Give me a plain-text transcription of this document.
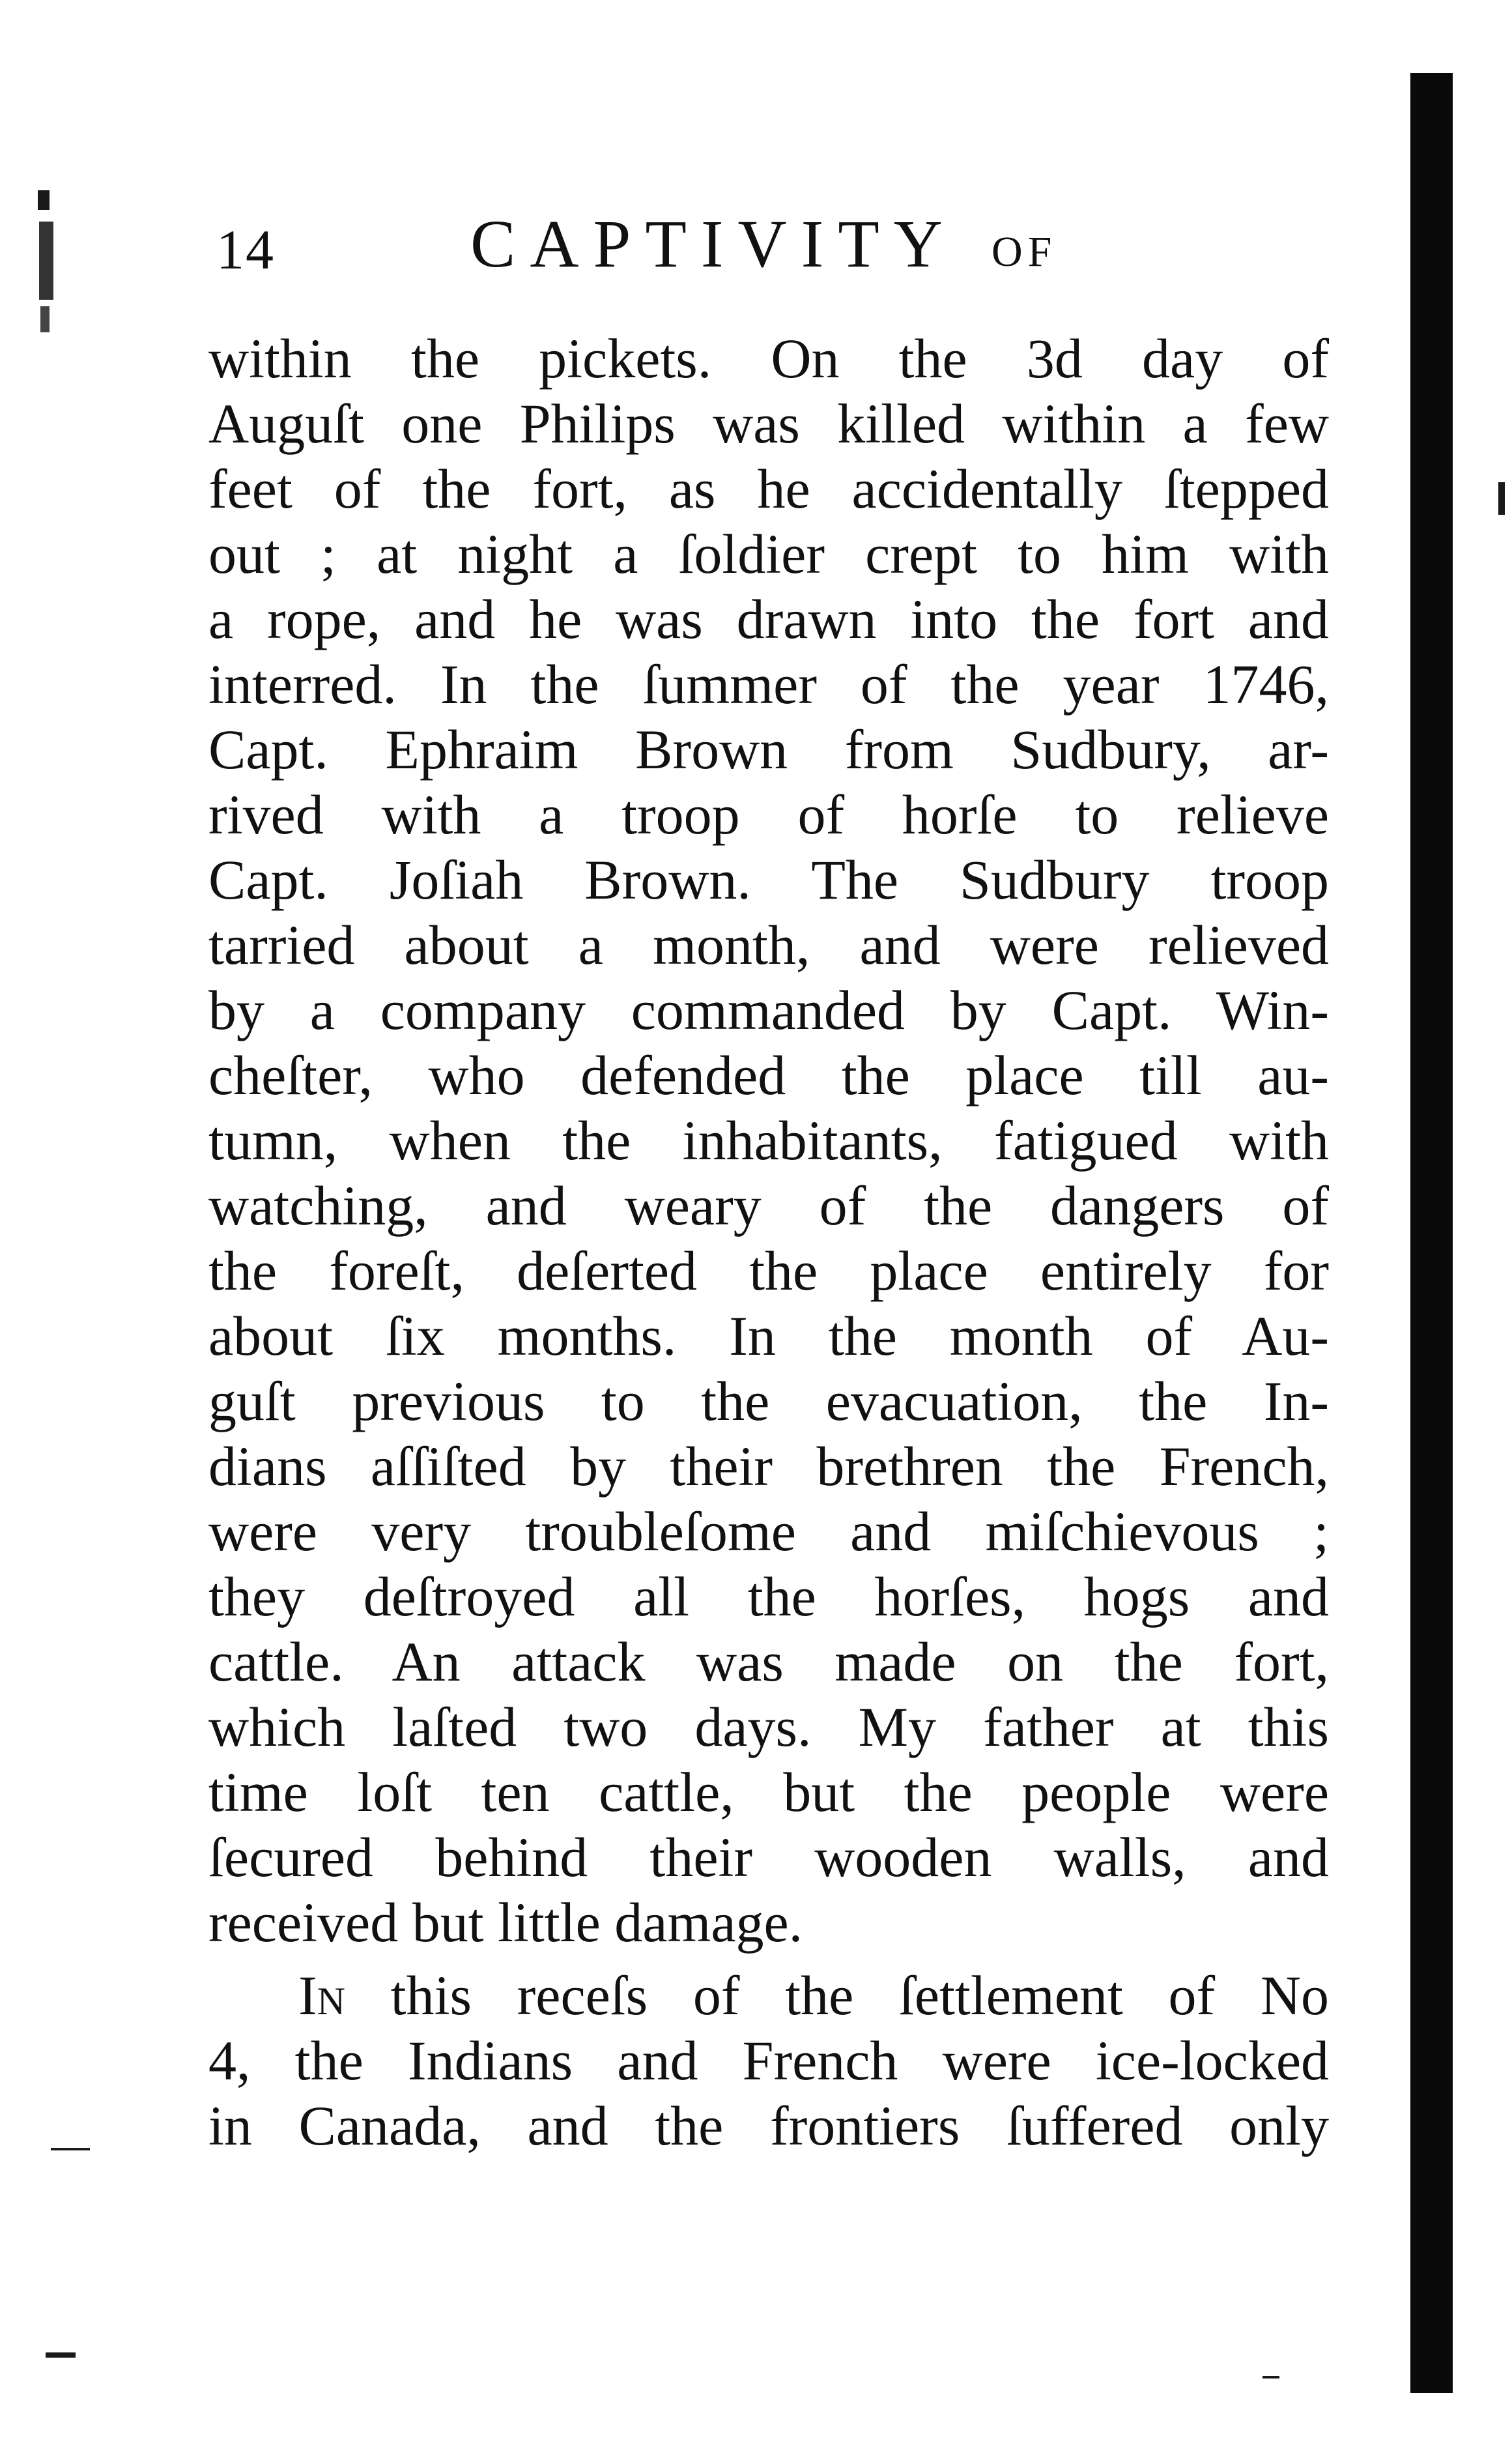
14	CAPTIVITY OF
within the pickets. On the 3d day of
Auguſt one Philips was killed within a few
feet of the fort, as he accidentally ſtepped
out ; at night a ſoldier crept to him with
a rope, and he was drawn into the fort and
interred. In the ſummer of the year 1746,
Capt. Ephraim Brown from Sudbury, ar-
rived with a troop of horſe to relieve
Capt. Joſiah Brown. The Sudbury troop
tarried about a month, and were relieved
by a company commanded by Capt. Win-
cheſter, who defended the place till au-
tumn, when the inhabitants, fatigued with
watching, and weary of the dangers of
the foreſt, deſerted the place entirely for
about ſix months. In the month of Au-
guſt previous to the evacuation, the In-
dians aſſiſted by their brethren the French,
were very troubleſome and miſchievous ;
they deſtroyed all the horſes, hogs and
cattle. An attack was made on the fort,
which laſted two days. My father at this
time loſt ten cattle, but the people were
ſecured behind their wooden walls, and
received but little damage.
In this receſs of the ſettlement of No
4, the Indians and French were ice-locked
in Canada, and the frontiers ſuffered only
